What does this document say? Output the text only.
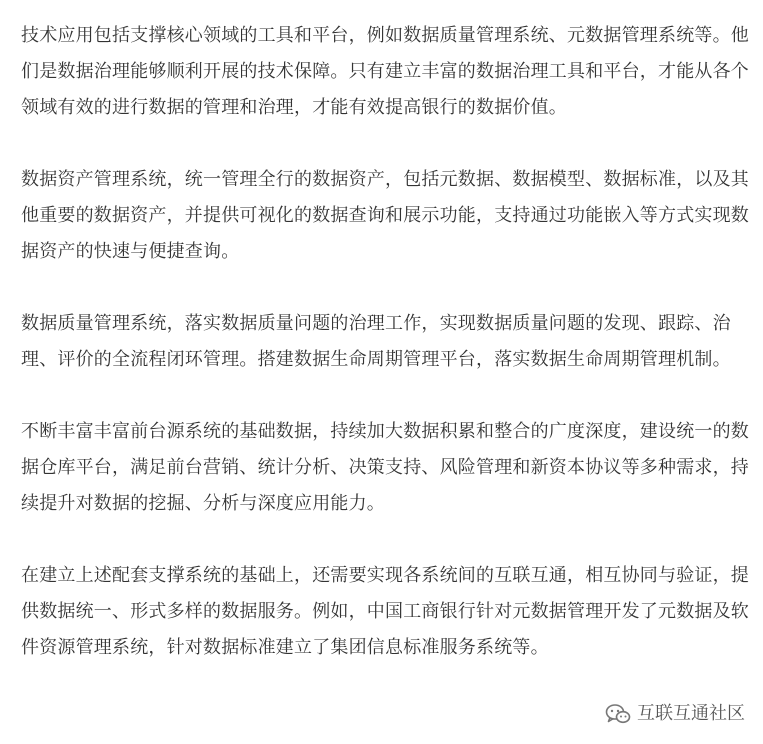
技术应用包括支撑核心领域的工具和平台，例如数据质量管理系统、元数据管理系统等。他们是数据治理能够顺利开展的技术保障。只有建立丰富的数据治理工具和平台，才能从各个领域有效的进行数据的管理和治理，才能有效提高银行的数据价值。

数据资产管理系统，统一管理全行的数据资产，包括元数据、数据模型、数据标准，以及其他重要的数据资产，并提供可视化的数据查询和展示功能，支持通过功能嵌入等方式实现数据资产的快速与便捷查询。

数据质量管理系统，落实数据质量问题的治理工作，实现数据质量问题的发现、跟踪、治理、评价的全流程闭环管理。搭建数据生命周期管理平台，落实数据生命周期管理机制。

不断丰富丰富前台源系统的基础数据，持续加大数据积累和整合的广度深度，建设统一的数据仓库平台，满足前台营销、统计分析、决策支持、风险管理和新资本协议等多种需求，持续提升对数据的挖掘、分析与深度应用能力。

在建立上述配套支撑系统的基础上，还需要实现各系统间的互联互通，相互协同与验证，提供数据统一、形式多样的数据服务。例如，中国工商银行针对元数据管理开发了元数据及软件资源管理系统，针对数据标准建立了集团信息标准服务系统等。

互联互通社区
